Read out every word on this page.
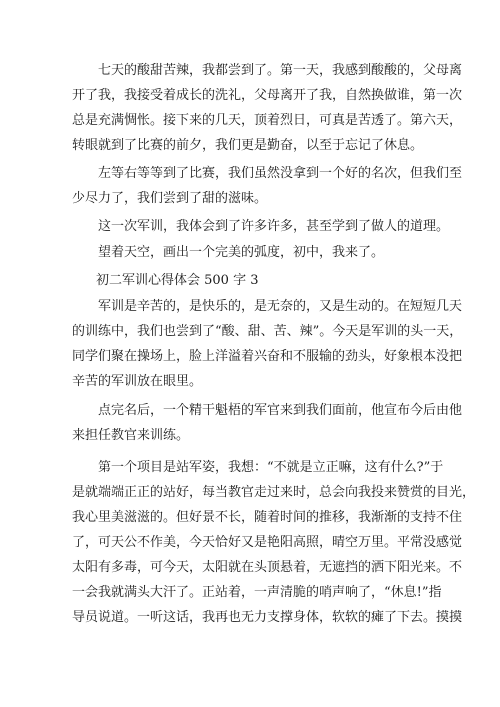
　　七天的酸甜苦辣，我都尝到了。第一天，我感到酸酸的，父母离
开了我，我接受着成长的洗礼，父母离开了我，自然换做谁，第一次
总是充满惆怅。接下来的几天，顶着烈日，可真是苦透了。第六天，
转眼就到了比赛的前夕，我们更是勤奋，以至于忘记了休息。
　　左等右等等到了比赛，我们虽然没拿到一个好的名次，但我们至
少尽力了，我们尝到了甜的滋味。
　　这一次军训，我体会到了许多许多，甚至学到了做人的道理。
　　望着天空，画出一个完美的弧度，初中，我来了。
初二军训心得体会 500 字 3
　　军训是辛苦的，是快乐的，是无奈的，又是生动的。在短短几天
的训练中，我们也尝到了“酸、甜、苦、辣”。今天是军训的头一天，
同学们聚在操场上，脸上洋溢着兴奋和不服输的劲头，好象根本没把
辛苦的军训放在眼里。
　　点完名后，一个精干魁梧的军官来到我们面前，他宣布今后由他
来担任教官来训练。
　　第一个项目是站军姿，我想：“不就是立正嘛，这有什么?”于
是就端端正正的站好，每当教官走过来时，总会向我投来赞赏的目光，
我心里美滋滋的。但好景不长，随着时间的推移，我渐渐的支持不住
了，可天公不作美，今天恰好又是艳阳高照，晴空万里。平常没感觉
太阳有多毒，可今天，太阳就在头顶悬着，无遮挡的洒下阳光来。不
一会我就满头大汗了。正站着，一声清脆的哨声响了，“休息!”指
导员说道。一听这话，我再也无力支撑身体，软软的瘫了下去。摸摸
